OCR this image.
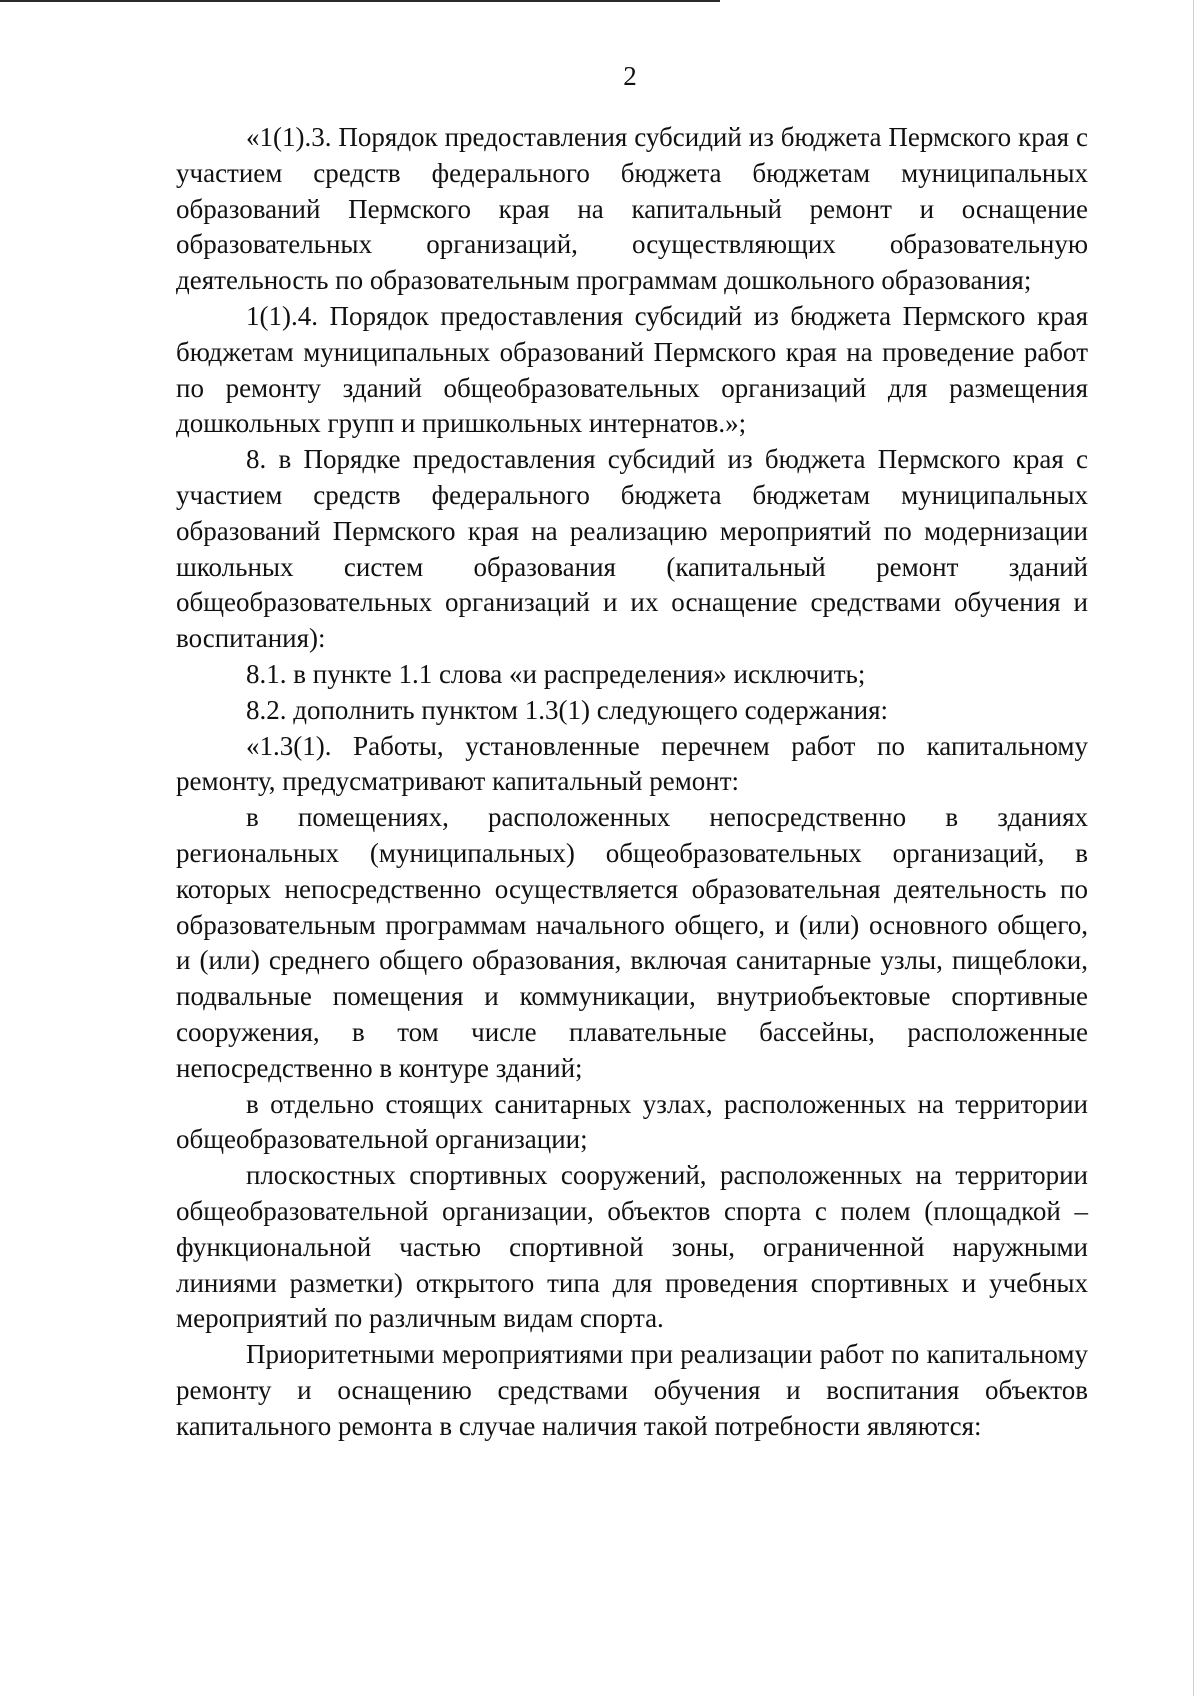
2

«1(1).3. Порядок предоставления субсидий из бюджета Пермского края с участием средств федерального бюджета бюджетам муниципальных образований Пермского края на капитальный ремонт и оснащение образовательных организаций, осуществляющих образовательную деятельность по образовательным программам дошкольного образования;

1(1).4. Порядок предоставления субсидий из бюджета Пермского края бюджетам муниципальных образований Пермского края на проведение работ по ремонту зданий общеобразовательных организаций для размещения дошкольных групп и пришкольных интернатов.»;

8. в Порядке предоставления субсидий из бюджета Пермского края с участием средств федерального бюджета бюджетам муниципальных образований Пермского края на реализацию мероприятий по модернизации школьных систем образования (капитальный ремонт зданий общеобразовательных организаций и их оснащение средствами обучения и воспитания):

8.1. в пункте 1.1 слова «и распределения» исключить;

8.2. дополнить пунктом 1.3(1) следующего содержания:

«1.3(1). Работы, установленные перечнем работ по капитальному ремонту, предусматривают капитальный ремонт:

в помещениях, расположенных непосредственно в зданиях региональных (муниципальных) общеобразовательных организаций, в которых непосредственно осуществляется образовательная деятельность по образовательным программам начального общего, и (или) основного общего, и (или) среднего общего образования, включая санитарные узлы, пищеблоки, подвальные помещения и коммуникации, внутриобъектовые спортивные сооружения, в том числе плавательные бассейны, расположенные непосредственно в контуре зданий;

в отдельно стоящих санитарных узлах, расположенных на территории общеобразовательной организации;

плоскостных спортивных сооружений, расположенных на территории общеобразовательной организации, объектов спорта с полем (площадкой – функциональной частью спортивной зоны, ограниченной наружными линиями разметки) открытого типа для проведения спортивных и учебных мероприятий по различным видам спорта.

Приоритетными мероприятиями при реализации работ по капитальному ремонту и оснащению средствами обучения и воспитания объектов капитального ремонта в случае наличия такой потребности являются:
